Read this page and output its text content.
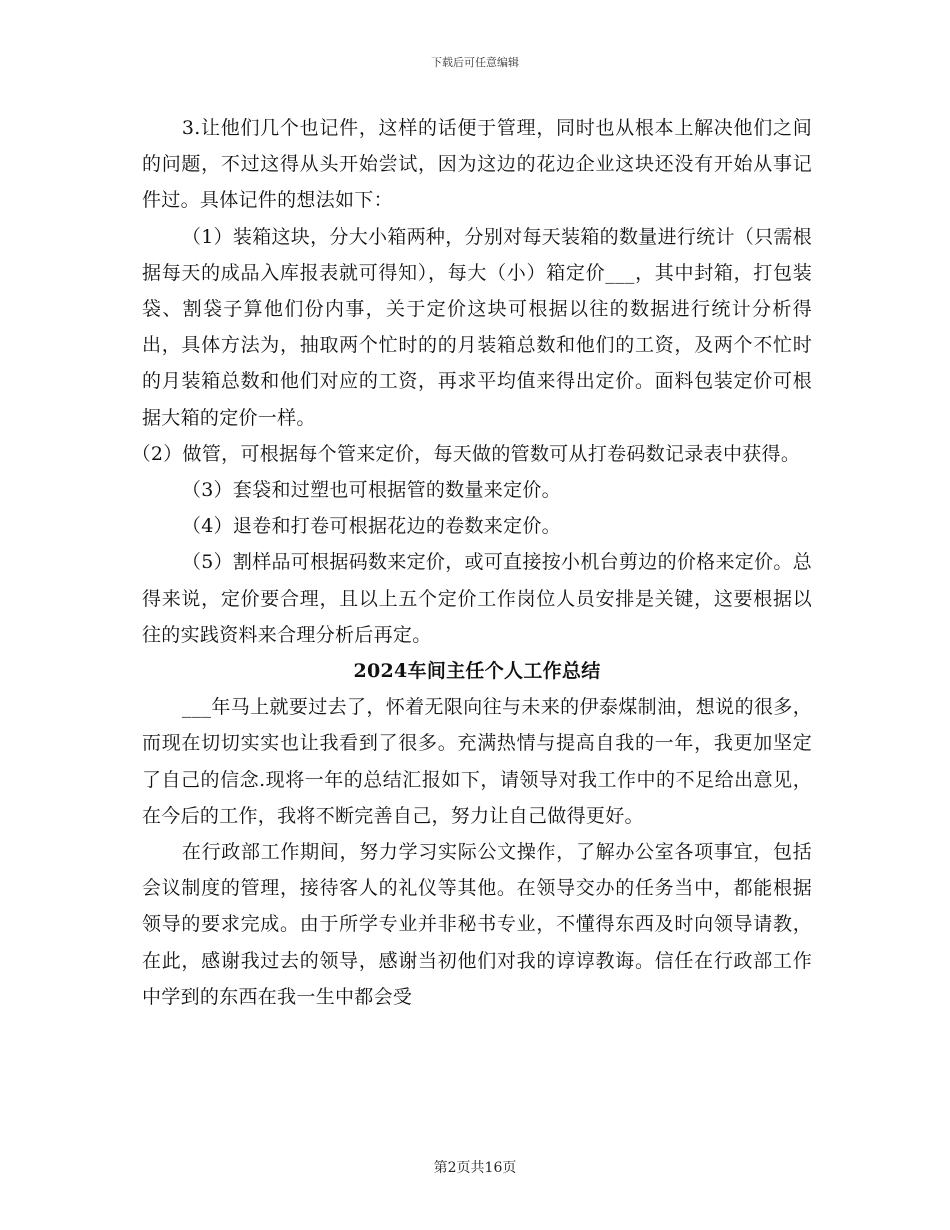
下载后可任意编辑

3.让他们几个也记件，这样的话便于管理，同时也从根本上解决他们之间的问题，不过这得从头开始尝试，因为这边的花边企业这块还没有开始从事记件过。具体记件的想法如下：

（1）装箱这块，分大小箱两种，分别对每天装箱的数量进行统计（只需根据每天的成品入库报表就可得知），每大（小）箱定价___，其中封箱，打包装袋、割袋子算他们份内事，关于定价这块可根据以往的数据进行统计分析得出，具体方法为，抽取两个忙时的的月装箱总数和他们的工资，及两个不忙时的月装箱总数和他们对应的工资，再求平均值来得出定价。面料包装定价可根据大箱的定价一样。

（2）做管，可根据每个管来定价，每天做的管数可从打卷码数记录表中获得。

（3）套袋和过塑也可根据管的数量来定价。

（4）退卷和打卷可根据花边的卷数来定价。

（5）割样品可根据码数来定价，或可直接按小机台剪边的价格来定价。总得来说，定价要合理，且以上五个定价工作岗位人员安排是关键，这要根据以往的实践资料来合理分析后再定。

2024车间主任个人工作总结

___年马上就要过去了，怀着无限向往与未来的伊泰煤制油，想说的很多，而现在切切实实也让我看到了很多。充满热情与提高自我的一年，我更加坚定了自己的信念.现将一年的总结汇报如下，请领导对我工作中的不足给出意见，在今后的工作，我将不断完善自己，努力让自己做得更好。

在行政部工作期间，努力学习实际公文操作，了解办公室各项事宜，包括会议制度的管理，接待客人的礼仪等其他。在领导交办的任务当中，都能根据领导的要求完成。由于所学专业并非秘书专业，不懂得东西及时向领导请教，在此，感谢我过去的领导，感谢当初他们对我的谆谆教诲。信任在行政部工作中学到的东西在我一生中都会受

第2页共16页
